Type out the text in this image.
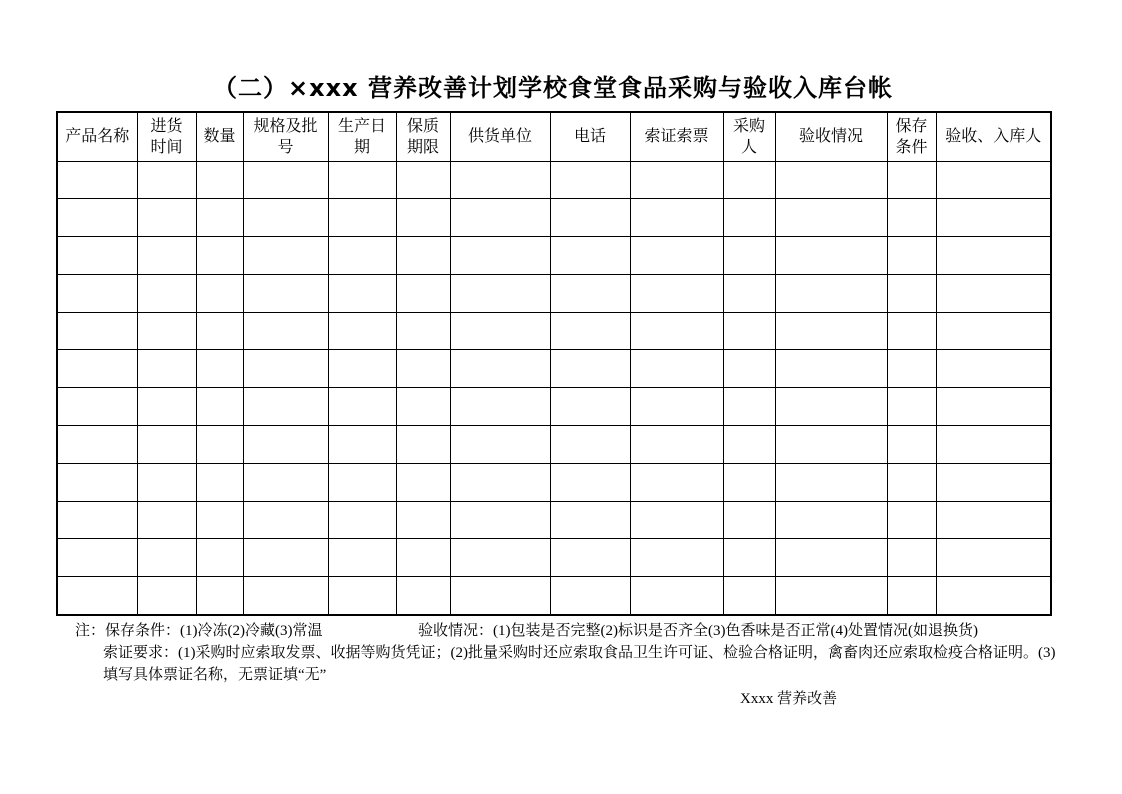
（二）×xxx 营养改善计划学校食堂食品采购与验收入库台帐
产品名称	进货时间	数量	规格及批号	生产日期	保质期限	供货单位	电话	索证索票	采购人	验收情况	保存条件	验收、入库人

注：保存条件：(1)冷冻(2)冷藏(3)常温	验收情况：(1)包装是否完整(2)标识是否齐全(3)色香味是否正常(4)处置情况(如退换货)
索证要求：(1)采购时应索取发票、收据等购货凭证；(2)批量采购时还应索取食品卫生许可证、检验合格证明，禽畜肉还应索取检疫合格证明。(3)
填写具体票证名称，无票证填“无”
Xxxx 营养改善
